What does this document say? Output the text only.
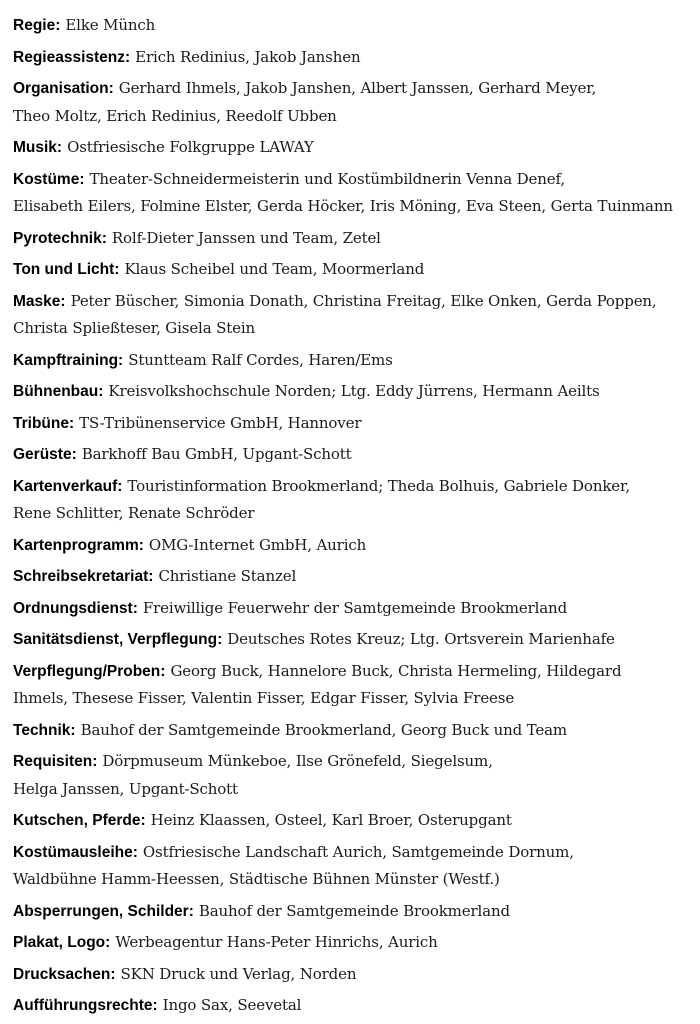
Regie: Elke Münch
Regieassistenz: Erich Redinius, Jakob Janshen
Organisation: Gerhard Ihmels, Jakob Janshen, Albert Janssen, Gerhard Meyer,
Theo Moltz, Erich Redinius, Reedolf Ubben
Musik: Ostfriesische Folkgruppe LAWAY
Kostüme: Theater-Schneidermeisterin und Kostümbildnerin Venna Denef,
Elisabeth Eilers, Folmine Elster, Gerda Höcker, Iris Möning, Eva Steen, Gerta Tuinmann
Pyrotechnik: Rolf-Dieter Janssen und Team, Zetel
Ton und Licht: Klaus Scheibel und Team, Moormerland
Maske: Peter Büscher, Simonia Donath, Christina Freitag, Elke Onken, Gerda Poppen,
Christa Spließteser, Gisela Stein
Kampftraining: Stuntteam Ralf Cordes, Haren/Ems
Bühnenbau: Kreisvolkshochschule Norden; Ltg. Eddy Jürrens, Hermann Aeilts
Tribüne: TS-Tribünenservice GmbH, Hannover
Gerüste: Barkhoff Bau GmbH, Upgant-Schott
Kartenverkauf: Touristinformation Brookmerland; Theda Bolhuis, Gabriele Donker,
Rene Schlitter, Renate Schröder
Kartenprogramm: OMG-Internet GmbH, Aurich
Schreibsekretariat: Christiane Stanzel
Ordnungsdienst: Freiwillige Feuerwehr der Samtgemeinde Brookmerland
Sanitätsdienst, Verpflegung: Deutsches Rotes Kreuz; Ltg. Ortsverein Marienhafe
Verpflegung/Proben: Georg Buck, Hannelore Buck, Christa Hermeling, Hildegard
Ihmels, Thesese Fisser, Valentin Fisser, Edgar Fisser, Sylvia Freese
Technik: Bauhof der Samtgemeinde Brookmerland, Georg Buck und Team
Requisiten: Dörpmuseum Münkeboe, Ilse Grönefeld, Siegelsum,
Helga Janssen, Upgant-Schott
Kutschen, Pferde: Heinz Klaassen, Osteel, Karl Broer, Osterupgant
Kostümausleihe: Ostfriesische Landschaft Aurich, Samtgemeinde Dornum,
Waldbühne Hamm-Heessen, Städtische Bühnen Münster (Westf.)
Absperrungen, Schilder: Bauhof der Samtgemeinde Brookmerland
Plakat, Logo: Werbeagentur Hans-Peter Hinrichs, Aurich
Drucksachen: SKN Druck und Verlag, Norden
Aufführungsrechte: Ingo Sax, Seevetal
